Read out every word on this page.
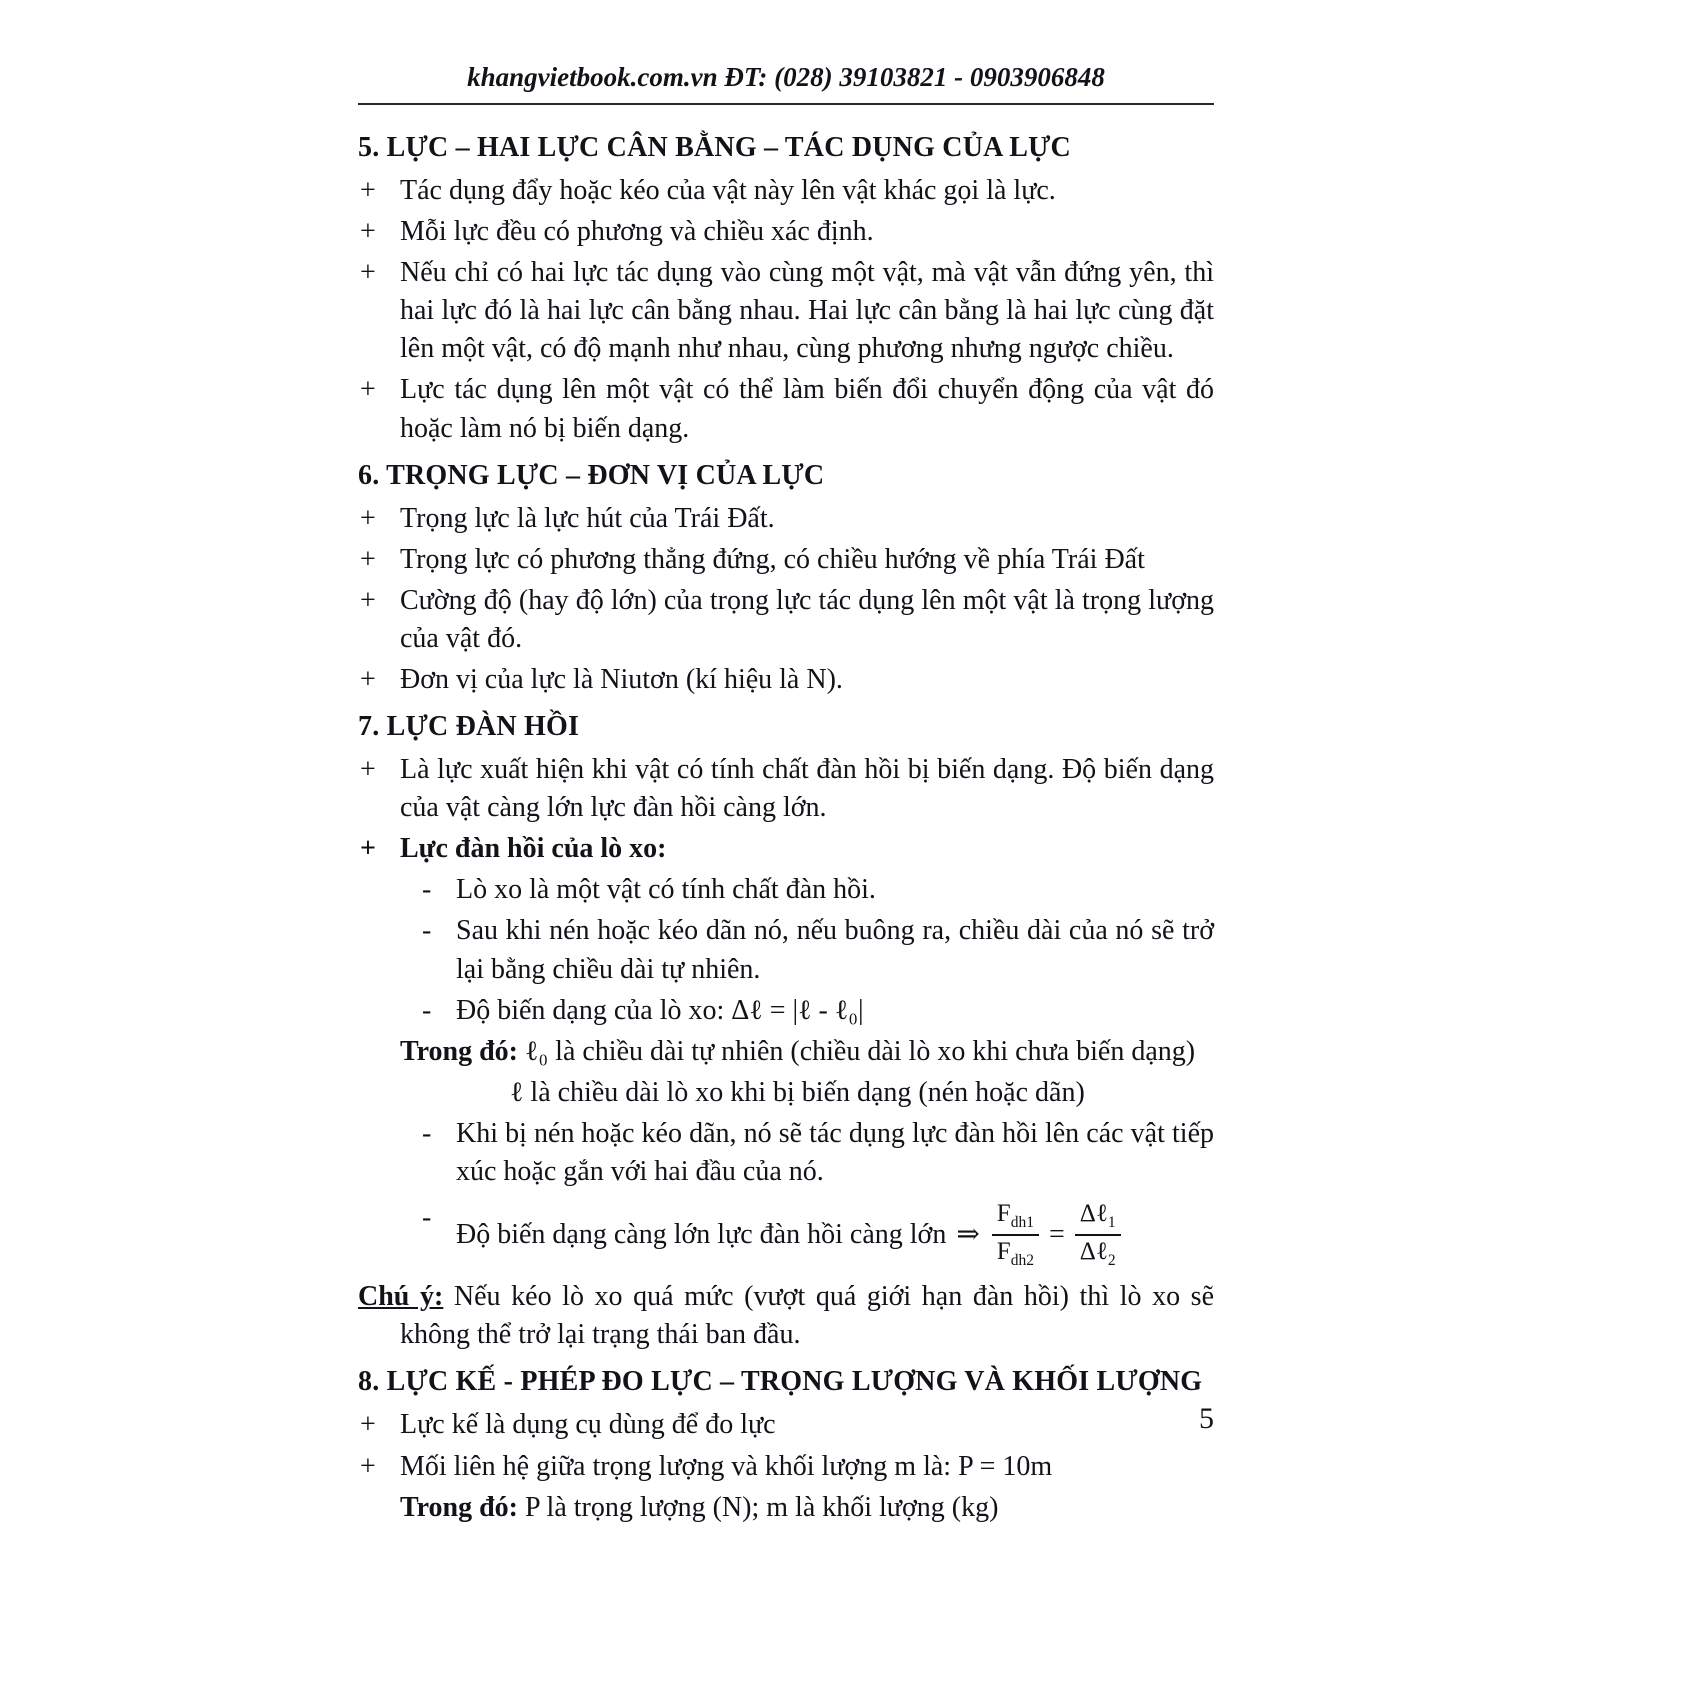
khangvietbook.com.vn ĐT: (028) 39103821 - 0903906848
5. LỰC – HAI LỰC CÂN BẰNG – TÁC DỤNG CỦA LỰC
+ Tác dụng đẩy hoặc kéo của vật này lên vật khác gọi là lực.
+ Mỗi lực đều có phương và chiều xác định.
+ Nếu chỉ có hai lực tác dụng vào cùng một vật, mà vật vẫn đứng yên, thì hai lực đó là hai lực cân bằng nhau. Hai lực cân bằng là hai lực cùng đặt lên một vật, có độ mạnh như nhau, cùng phương nhưng ngược chiều.
+ Lực tác dụng lên một vật có thể làm biến đổi chuyển động của vật đó hoặc làm nó bị biến dạng.
6. TRỌNG LỰC – ĐƠN VỊ CỦA LỰC
+ Trọng lực là lực hút của Trái Đất.
+ Trọng lực có phương thẳng đứng, có chiều hướng về phía Trái Đất
+ Cường độ (hay độ lớn) của trọng lực tác dụng lên một vật là trọng lượng của vật đó.
+ Đơn vị của lực là Niutơn (kí hiệu là N).
7. LỰC ĐÀN HỒI
+ Là lực xuất hiện khi vật có tính chất đàn hồi bị biến dạng. Độ biến dạng của vật càng lớn lực đàn hồi càng lớn.
+ Lực đàn hồi của lò xo:
- Lò xo là một vật có tính chất đàn hồi.
- Sau khi nén hoặc kéo dãn nó, nếu buông ra, chiều dài của nó sẽ trở lại bằng chiều dài tự nhiên.
- Độ biến dạng của lò xo: Δℓ = |ℓ - ℓ₀|
Trong đó: ℓ₀ là chiều dài tự nhiên (chiều dài lò xo khi chưa biến dạng)
ℓ là chiều dài lò xo khi bị biến dạng (nén hoặc dãn)
- Khi bị nén hoặc kéo dãn, nó sẽ tác dụng lực đàn hồi lên các vật tiếp xúc hoặc gắn với hai đầu của nó.
-
Độ biến dạng càng lớn lực đàn hồi càng lớn ⇒ $\frac{F_{dh1}}{F_{dh2}} = \frac{\Delta\ell_1}{\Delta\ell_2}$
Chú ý: Nếu kéo lò xo quá mức (vượt quá giới hạn đàn hồi) thì lò xo sẽ không thể trở lại trạng thái ban đầu.
8. LỰC KẾ - PHÉP ĐO LỰC – TRỌNG LƯỢNG VÀ KHỐI LƯỢNG
+ Lực kế là dụng cụ dùng để đo lực
+ Mối liên hệ giữa trọng lượng và khối lượng m là: P = 10m
Trong đó: P là trọng lượng (N); m là khối lượng (kg)
5
